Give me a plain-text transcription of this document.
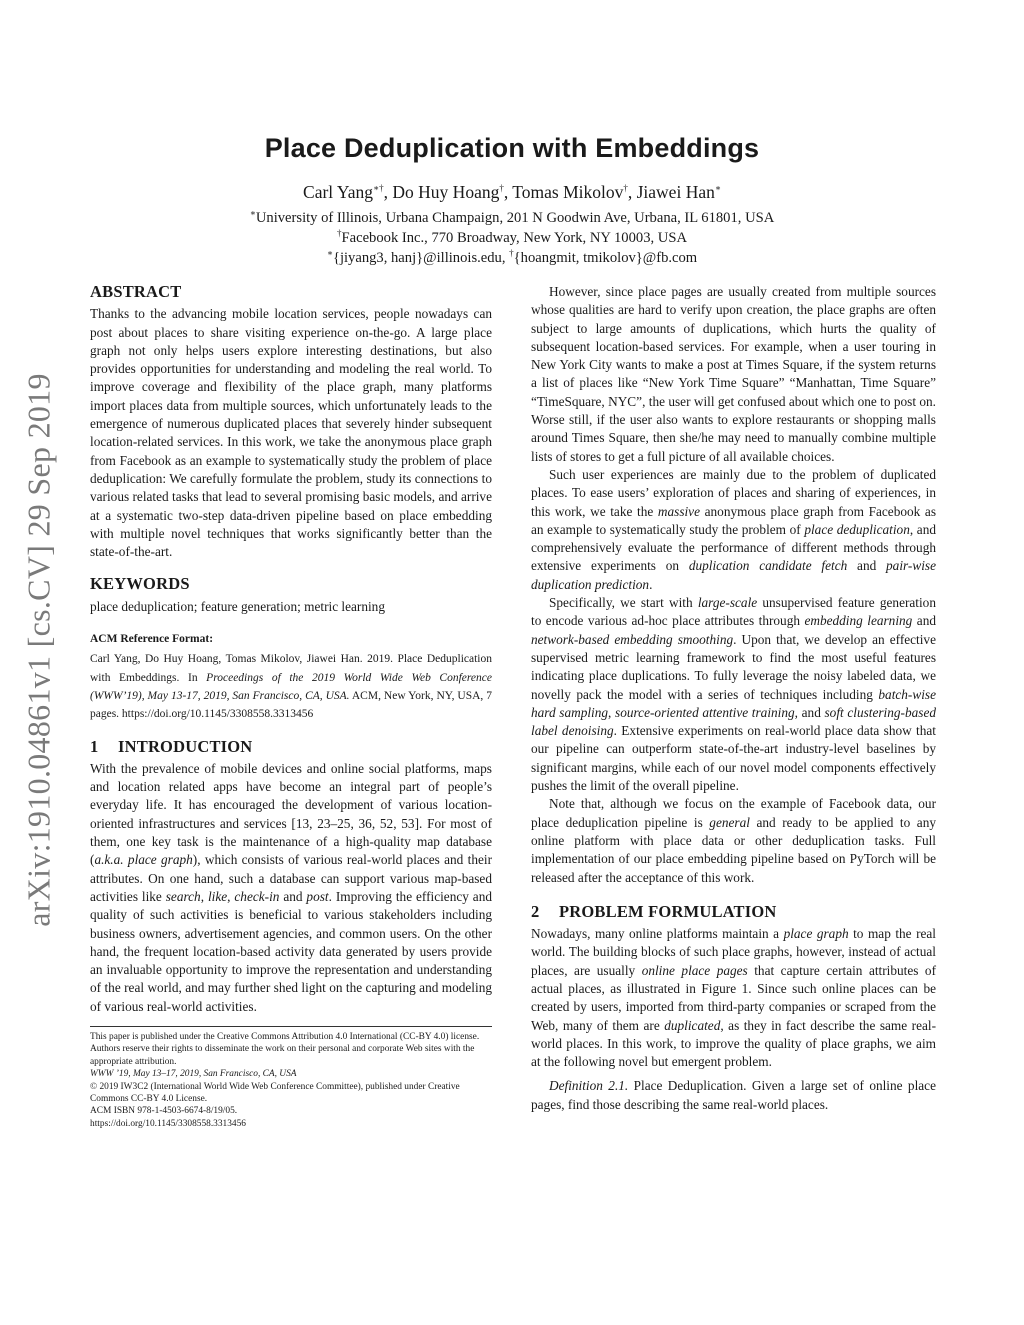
arXiv:1910.04861v1 [cs.CV] 29 Sep 2019
Place Deduplication with Embeddings
Carl Yang∗†, Do Huy Hoang†, Tomas Mikolov†, Jiawei Han∗
∗University of Illinois, Urbana Champaign, 201 N Goodwin Ave, Urbana, IL 61801, USA
†Facebook Inc., 770 Broadway, New York, NY 10003, USA
∗{jiyang3, hanj}@illinois.edu, †{hoangmit, tmikolov}@fb.com
ABSTRACT

Thanks to the advancing mobile location services, people nowadays can post about places to share visiting experience on-the-go. A large place graph not only helps users explore interesting destinations, but also provides opportunities for understanding and modeling the real world. To improve coverage and flexibility of the place graph, many platforms import places data from multiple sources, which unfortunately leads to the emergence of numerous duplicated places that severely hinder subsequent location-related services. In this work, we take the anonymous place graph from Facebook as an example to systematically study the problem of place deduplication: We carefully formulate the problem, study its connections to various related tasks that lead to several promising basic models, and arrive at a systematic two-step data-driven pipeline based on place embedding with multiple novel techniques that works significantly better than the state-of-the-art.

KEYWORDS

place deduplication; feature generation; metric learning

ACM Reference Format:

Carl Yang, Do Huy Hoang, Tomas Mikolov, Jiawei Han. 2019. Place Deduplication with Embeddings. In Proceedings of the 2019 World Wide Web Conference (WWW’19), May 13-17, 2019, San Francisco, CA, USA. ACM, New York, NY, USA, 7 pages. https://doi.org/10.1145/3308558.3313456

1 INTRODUCTION

With the prevalence of mobile devices and online social platforms, maps and location related apps have become an integral part of people’s everyday life. It has encouraged the development of various location-oriented infrastructures and services [13, 23–25, 36, 52, 53]. For most of them, one key task is the maintenance of a high-quality map database (a.k.a. place graph), which consists of various real-world places and their attributes. On one hand, such a database can support various map-based activities like search, like, check-in and post. Improving the efficiency and quality of such activities is beneficial to various stakeholders including business owners, advertisement agencies, and common users. On the other hand, the frequent location-based activity data generated by users provide an invaluable opportunity to improve the representation and understanding of the real world, and may further shed light on the capturing and modeling of various real-world activities.

This paper is published under the Creative Commons Attribution 4.0 International (CC-BY 4.0) license. Authors reserve their rights to disseminate the work on their personal and corporate Web sites with the appropriate attribution.

WWW ’19, May 13–17, 2019, San Francisco, CA, USA

© 2019 IW3C2 (International World Wide Web Conference Committee), published under Creative Commons CC-BY 4.0 License.

ACM ISBN 978-1-4503-6674-8/19/05.

https://doi.org/10.1145/3308558.3313456

However, since place pages are usually created from multiple sources whose qualities are hard to verify upon creation, the place graphs are often subject to large amounts of duplications, which hurts the quality of subsequent location-based services. For example, when a user touring in New York City wants to make a post at Times Square, if the system returns a list of places like “New York Time Square” “Manhattan, Time Square” “TimeSquare, NYC”, the user will get confused about which one to post on. Worse still, if the user also wants to explore restaurants or shopping malls around Times Square, then she/he may need to manually combine multiple lists of stores to get a full picture of all available choices.

Such user experiences are mainly due to the problem of duplicated places. To ease users’ exploration of places and sharing of experiences, in this work, we take the massive anonymous place graph from Facebook as an example to systematically study the problem of place deduplication, and comprehensively evaluate the performance of different methods through extensive experiments on duplication candidate fetch and pair-wise duplication prediction.

Specifically, we start with large-scale unsupervised feature generation to encode various ad-hoc place attributes through embedding learning and network-based embedding smoothing. Upon that, we develop an effective supervised metric learning framework to find the most useful features indicating place duplications. To fully leverage the noisy labeled data, we novelly pack the model with a series of techniques including batch-wise hard sampling, source-oriented attentive training, and soft clustering-based label denoising. Extensive experiments on real-world place data show that our pipeline can outperform state-of-the-art industry-level baselines by significant margins, while each of our novel model components effectively pushes the limit of the overall pipeline.

Note that, although we focus on the example of Facebook data, our place deduplication pipeline is general and ready to be applied to any online platform with place data or other deduplication tasks. Full implementation of our place embedding pipeline based on PyTorch will be released after the acceptance of this work.

2 PROBLEM FORMULATION

Nowadays, many online platforms maintain a place graph to map the real world. The building blocks of such place graphs, however, instead of actual places, are usually online place pages that capture certain attributes of actual places, as illustrated in Figure 1. Since such online places can be created by users, imported from third-party companies or scraped from the Web, many of them are duplicated, as they in fact describe the same real-world places. In this work, to improve the quality of place graphs, we aim at the following novel but emergent problem.

Definition 2.1. Place Deduplication. Given a large set of online place pages, find those describing the same real-world places.
